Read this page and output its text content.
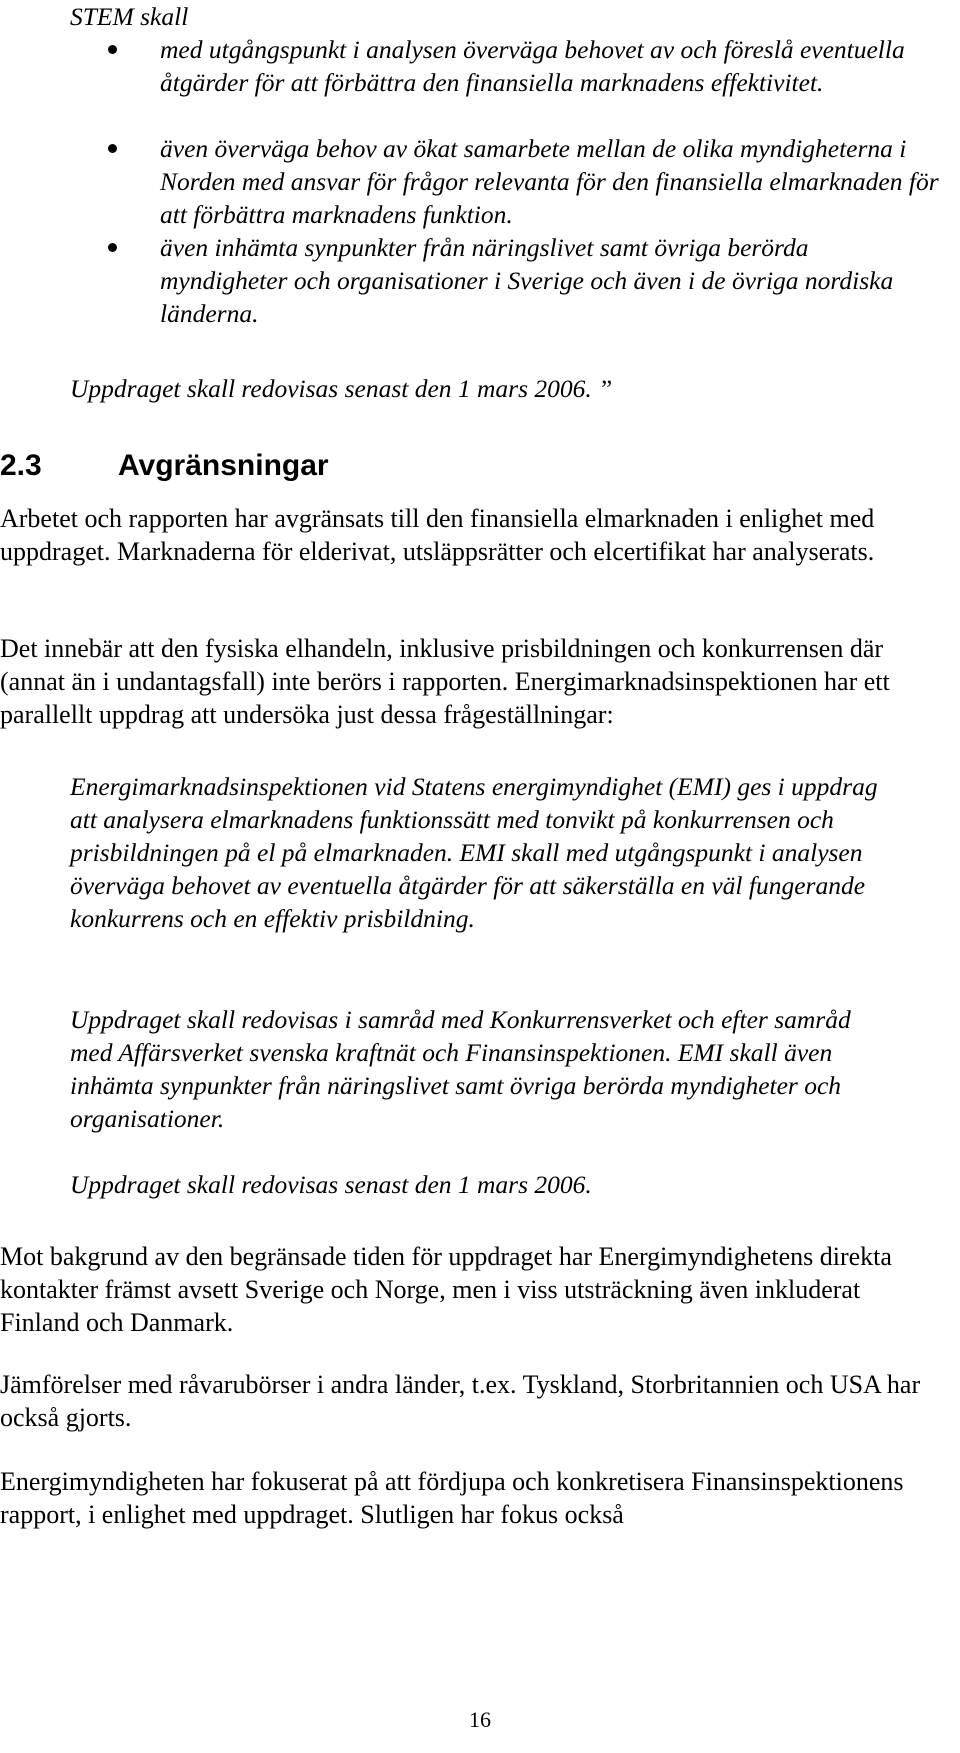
STEM skall

med utgångspunkt i analysen överväga behovet av och föreslå eventuella åtgärder för att förbättra den finansiella marknadens effektivitet.

även överväga behov av ökat samarbete mellan de olika myndigheterna i Norden med ansvar för frågor relevanta för den finansiella elmarknaden för att förbättra marknadens funktion.

även inhämta synpunkter från näringslivet samt övriga berörda myndigheter och organisationer i Sverige och även i de övriga nordiska länderna.

Uppdraget skall redovisas senast den 1 mars 2006. ”

2.3	Avgränsningar

Arbetet och rapporten har avgränsats till den finansiella elmarknaden i enlighet med uppdraget. Marknaderna för elderivat, utsläppsrätter och elcertifikat har analyserats.

Det innebär att den fysiska elhandeln, inklusive prisbildningen och konkurrensen där (annat än i undantagsfall) inte berörs i rapporten. Energimarknadsinspektionen har ett parallellt uppdrag att undersöka just dessa frågeställningar:

Energimarknadsinspektionen vid Statens energimyndighet (EMI) ges i uppdrag att analysera elmarknadens funktionssätt med tonvikt på konkurrensen och prisbildningen på el på elmarknaden. EMI skall med utgångspunkt i analysen överväga behovet av eventuella åtgärder för att säkerställa en väl fungerande konkurrens och en effektiv prisbildning.

Uppdraget skall redovisas i samråd med Konkurrensverket och efter samråd med Affärsverket svenska kraftnät och Finansinspektionen. EMI skall även inhämta synpunkter från näringslivet samt övriga berörda myndigheter och organisationer.

Uppdraget skall redovisas senast den 1 mars 2006.

Mot bakgrund av den begränsade tiden för uppdraget har Energimyndighetens direkta kontakter främst avsett Sverige och Norge, men i viss utsträckning även inkluderat Finland och Danmark.

Jämförelser med råvarubörser i andra länder, t.ex. Tyskland, Storbritannien och USA har också gjorts.

Energimyndigheten har fokuserat på att fördjupa och konkretisera Finansinspektionens rapport, i enlighet med uppdraget. Slutligen har fokus också

16
